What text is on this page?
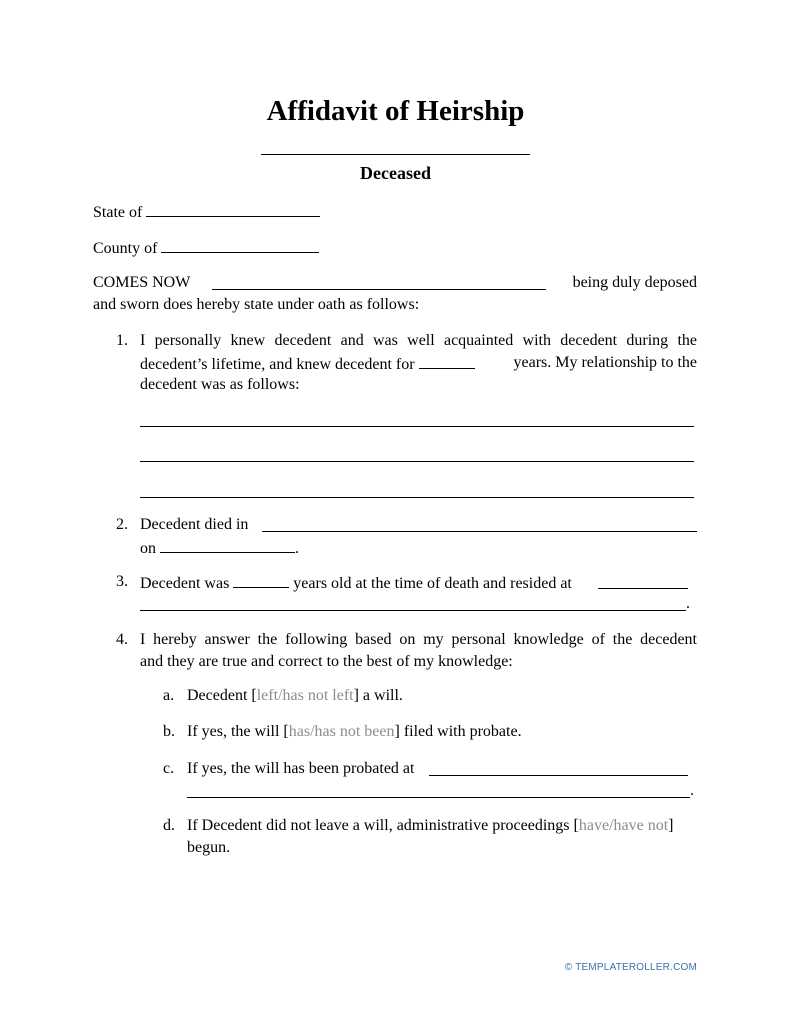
Affidavit of Heirship
Deceased
State of
County of
COMES NOW	being duly deposed
and sworn does hereby state under oath as follows:
1. I personally knew decedent and was well acquainted with decedent during the
decedent’s lifetime, and knew decedent for	years. My relationship to the
decedent was as follows:
2. Decedent died in
on	.
3. Decedent was	years old at the time of death and resided at
.
4. I hereby answer the following based on my personal knowledge of the decedent
and they are true and correct to the best of my knowledge:
a. Decedent [left/has not left] a will.
b. If yes, the will [has/has not been] filed with probate.
c. If yes, the will has been probated at
.
d. If Decedent did not leave a will, administrative proceedings [have/have not]
begun.
© TEMPLATEROLLER.COM
